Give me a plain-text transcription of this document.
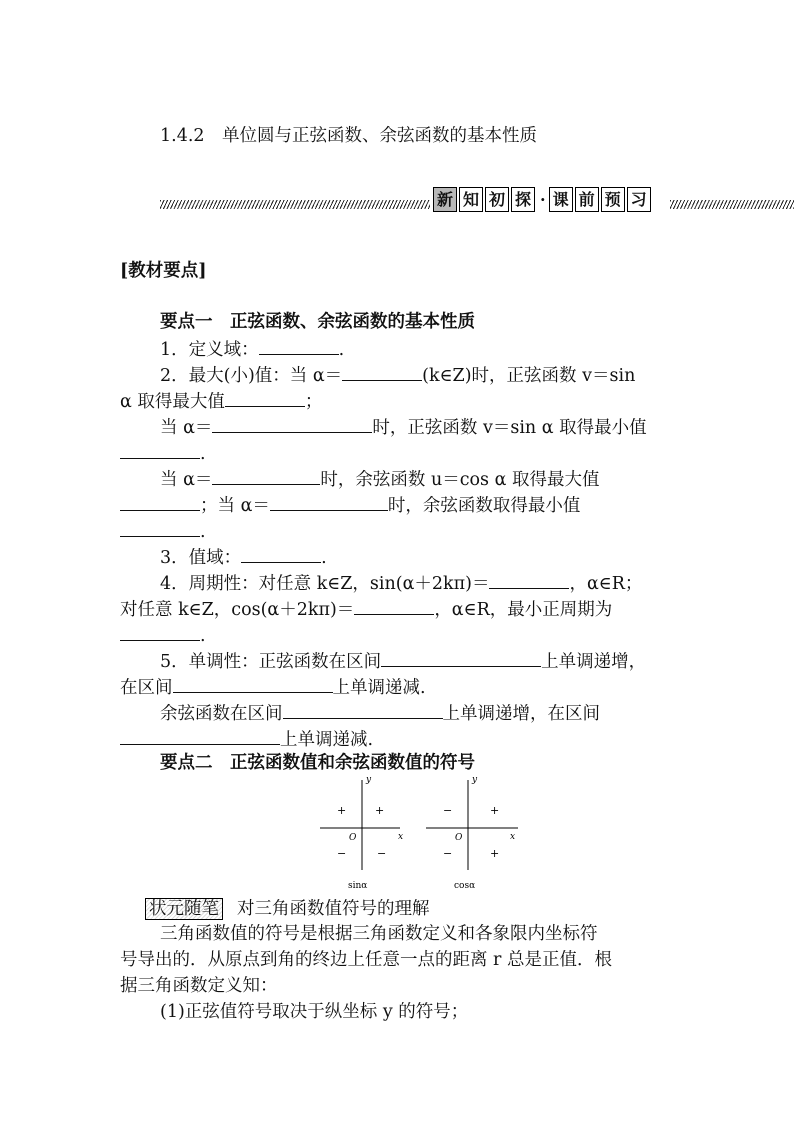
1.4.2　单位圆与正弦函数、余弦函数的基本性质
新 知 初 探 · 课 前 预 习
[教材要点]
要点一　正弦函数、余弦函数的基本性质
1．定义域：	.
2．最大(小)值：当 α＝	(k∈Z)时，正弦函数 v＝sin
α 取得最大值	；
当 α＝	时，正弦函数 v＝sin α 取得最小值
.
当 α＝	时，余弦函数 u＝cos α 取得最大值
；当 α＝	时，余弦函数取得最小值
.
3．值域：	.
4．周期性：对任意 k∈Z，sin(α＋2kπ)＝	，α∈R；
对任意 k∈Z，cos(α＋2kπ)＝	，α∈R，最小正周期为
.
5．单调性：正弦函数在区间	上单调递增，
在区间	上单调递减.
余弦函数在区间	上单调递增，在区间
上单调递减.
要点二　正弦函数值和余弦函数值的符号
y
x
O
+
+
−	−
sinα
y
x
O
+
−
−	+
cosα
状元随笔 对三角函数值符号的理解
三角函数值的符号是根据三角函数定义和各象限内坐标符
号导出的．从原点到角的终边上任意一点的距离 r 总是正值．根
据三角函数定义知：
(1)正弦值符号取决于纵坐标 y 的符号；
